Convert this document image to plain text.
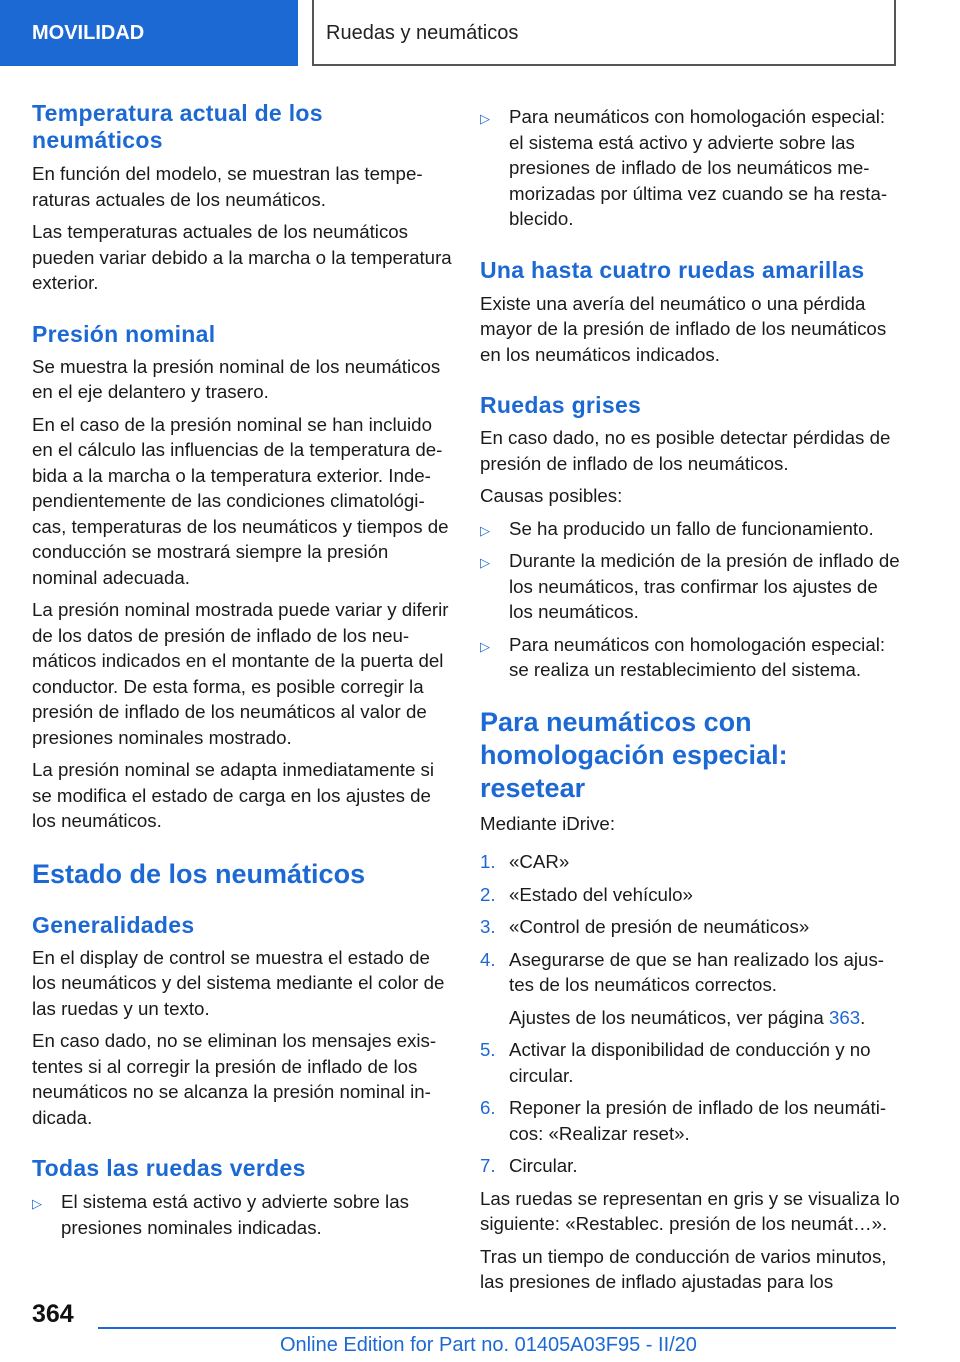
MOVILIDAD	Ruedas y neumáticos
Temperatura actual de los neumáticos
En función del modelo, se muestran las temperaturas actuales de los neumáticos.
Las temperaturas actuales de los neumáticos pueden variar debido a la marcha o la temperatura exterior.
Presión nominal
Se muestra la presión nominal de los neumáticos en el eje delantero y trasero.
En el caso de la presión nominal se han incluido en el cálculo las influencias de la temperatura debida a la marcha o la temperatura exterior. Independientemente de las condiciones climatológicas, temperaturas de los neumáticos y tiempos de conducción se mostrará siempre la presión nominal adecuada.
La presión nominal mostrada puede variar y diferir de los datos de presión de inflado de los neumáticos indicados en el montante de la puerta del conductor. De esta forma, es posible corregir la presión de inflado de los neumáticos al valor de presiones nominales mostrado.
La presión nominal se adapta inmediatamente si se modifica el estado de carga en los ajustes de los neumáticos.
Estado de los neumáticos
Generalidades
En el display de control se muestra el estado de los neumáticos y del sistema mediante el color de las ruedas y un texto.
En caso dado, no se eliminan los mensajes existentes si al corregir la presión de inflado de los neumáticos no se alcanza la presión nominal indicada.
Todas las ruedas verdes
▷ El sistema está activo y advierte sobre las presiones nominales indicadas.
▷ Para neumáticos con homologación especial: el sistema está activo y advierte sobre las presiones de inflado de los neumáticos memorizadas por última vez cuando se ha restablecido.
Una hasta cuatro ruedas amarillas
Existe una avería del neumático o una pérdida mayor de la presión de inflado de los neumáticos en los neumáticos indicados.
Ruedas grises
En caso dado, no es posible detectar pérdidas de presión de inflado de los neumáticos.
Causas posibles:
▷ Se ha producido un fallo de funcionamiento.
▷ Durante la medición de la presión de inflado de los neumáticos, tras confirmar los ajustes de los neumáticos.
▷ Para neumáticos con homologación especial: se realiza un restablecimiento del sistema.
Para neumáticos con homologación especial: resetear
Mediante iDrive:
1. «CAR»
2. «Estado del vehículo»
3. «Control de presión de neumáticos»
4. Asegurarse de que se han realizado los ajustes de los neumáticos correctos.
Ajustes de los neumáticos, ver página 363.
5. Activar la disponibilidad de conducción y no circular.
6. Reponer la presión de inflado de los neumáticos: «Realizar reset».
7. Circular.
Las ruedas se representan en gris y se visualiza lo siguiente: «Restablec. presión de los neumát…».
Tras un tiempo de conducción de varios minutos, las presiones de inflado ajustadas para los
364
Online Edition for Part no. 01405A03F95 - II/20
